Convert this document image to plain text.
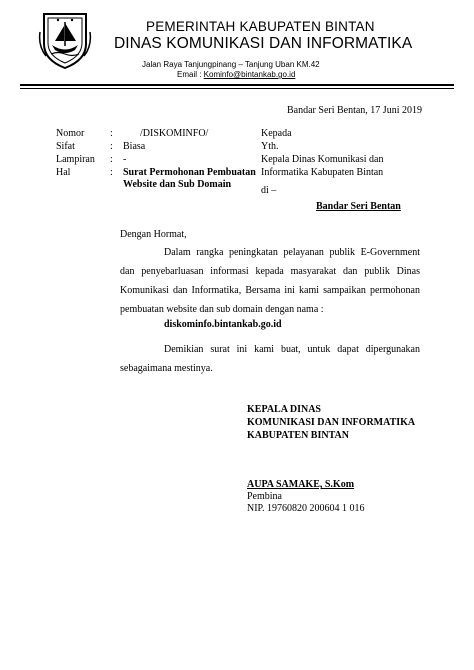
PEMERINTAH KABUPATEN BINTAN
DINAS KOMUNIKASI DAN INFORMATIKA
Jalan Raya Tanjungpinang – Tanjung Uban KM.42
Email : Kominfo@bintankab.go.id
Bandar Seri Bentan, 17 Juni 2019
Nomor	:	/DISKOMINFO/
Sifat	: Biasa
Lampiran : -
Hal	: Surat Permohonan Pembuatan
Website dan Sub Domain
Kepada
Yth.
Kepala Dinas Komunikasi dan
Informatika Kabupaten Bintan
di –
Bandar Seri Bentan
Dengan Hormat,
Dalam rangka peningkatan pelayanan publik E-Government dan penyebarluasan informasi kepada masyarakat dan publik Dinas Komunikasi dan Informatika, Bersama ini kami sampaikan permohonan pembuatan website dan sub domain dengan nama :
diskominfo.bintankab.go.id
Demikian surat ini kami buat, untuk dapat dipergunakan sebagaimana mestinya.
KEPALA DINAS
KOMUNIKASI DAN INFORMATIKA
KABUPATEN BINTAN
AUPA SAMAKE, S.Kom
Pembina
NIP. 19760820 200604 1 016
